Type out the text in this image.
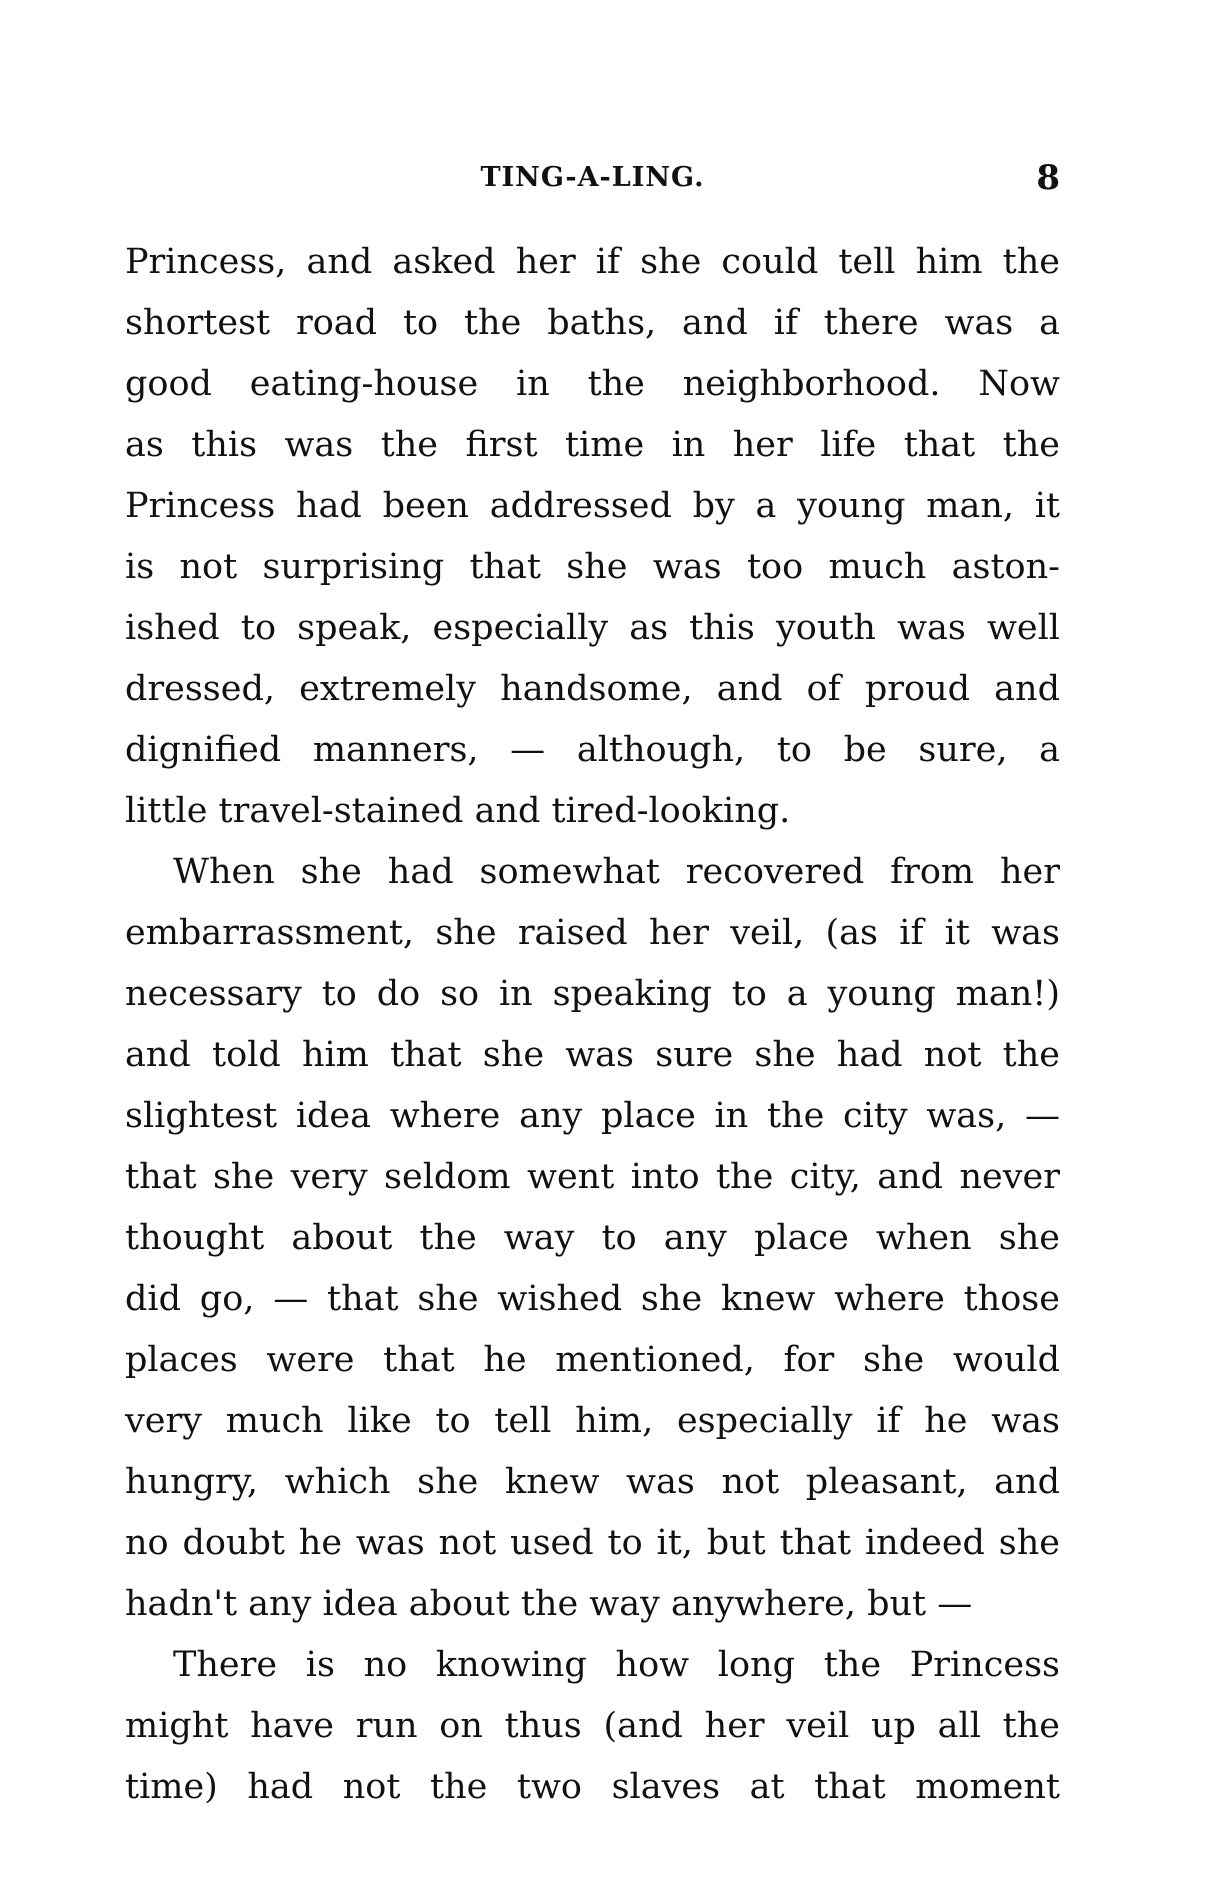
TING-A-LING.	8
Princess, and asked her if she could tell him the
shortest road to the baths, and if there was a
good eating-house in the neighborhood. Now
as this was the first time in her life that the
Princess had been addressed by a young man, it
is not surprising that she was too much aston-
ished to speak, especially as this youth was well
dressed, extremely handsome, and of proud and
dignified manners, — although, to be sure, a
little travel-stained and tired-looking.
When she had somewhat recovered from her
embarrassment, she raised her veil, (as if it was
necessary to do so in speaking to a young man!)
and told him that she was sure she had not the
slightest idea where any place in the city was, —
that she very seldom went into the city, and never
thought about the way to any place when she
did go, — that she wished she knew where those
places were that he mentioned, for she would
very much like to tell him, especially if he was
hungry, which she knew was not pleasant, and
no doubt he was not used to it, but that indeed she
hadn't any idea about the way anywhere, but —
There is no knowing how long the Princess
might have run on thus (and her veil up all the
time) had not the two slaves at that moment
